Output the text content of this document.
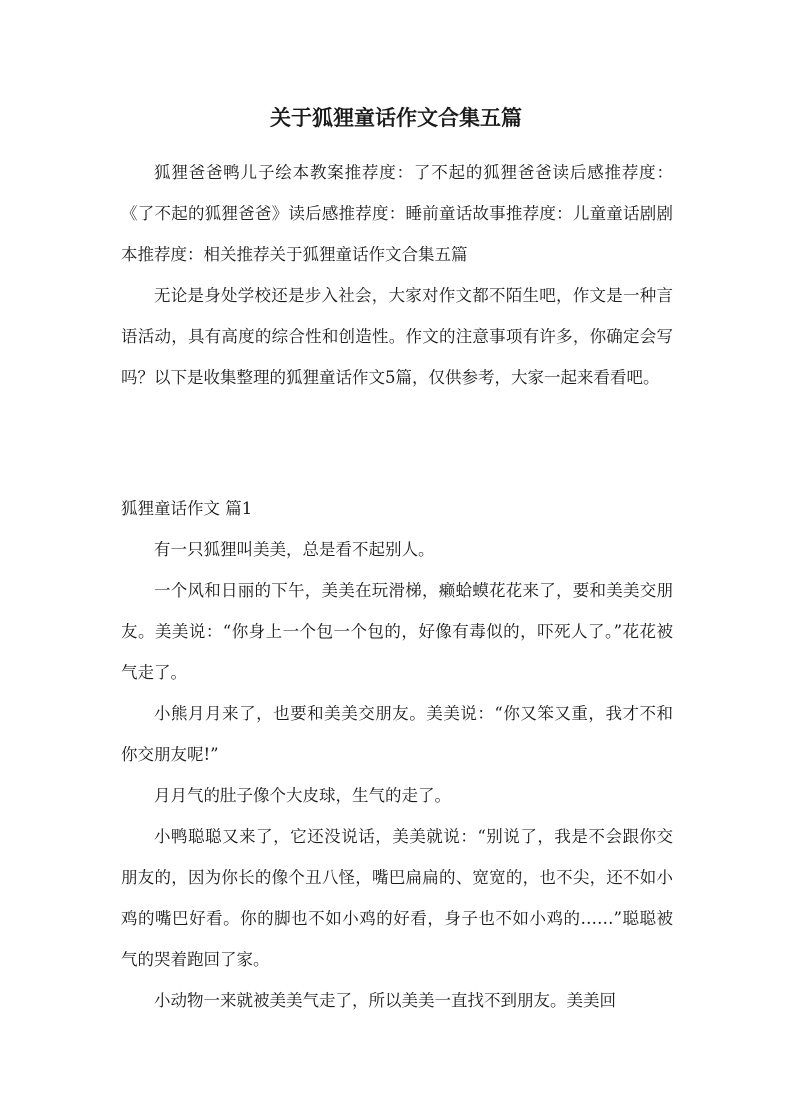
关于狐狸童话作文合集五篇

狐狸爸爸鸭儿子绘本教案推荐度：了不起的狐狸爸爸读后感推荐度：《了不起的狐狸爸爸》读后感推荐度：睡前童话故事推荐度：儿童童话剧剧本推荐度：相关推荐关于狐狸童话作文合集五篇

无论是身处学校还是步入社会，大家对作文都不陌生吧，作文是一种言语活动，具有高度的综合性和创造性。作文的注意事项有许多，你确定会写吗？以下是收集整理的狐狸童话作文5篇，仅供参考，大家一起来看看吧。

狐狸童话作文 篇1

有一只狐狸叫美美，总是看不起别人。

一个风和日丽的下午，美美在玩滑梯，癞蛤蟆花花来了，要和美美交朋友。美美说：“你身上一个包一个包的，好像有毒似的，吓死人了。”花花被气走了。

小熊月月来了，也要和美美交朋友。美美说：“你又笨又重，我才不和你交朋友呢!”

月月气的肚子像个大皮球，生气的走了。

小鸭聪聪又来了，它还没说话，美美就说：“别说了，我是不会跟你交朋友的，因为你长的像个丑八怪，嘴巴扁扁的、宽宽的，也不尖，还不如小鸡的嘴巴好看。你的脚也不如小鸡的好看，身子也不如小鸡的……”聪聪被气的哭着跑回了家。

小动物一来就被美美气走了，所以美美一直找不到朋友。美美回
